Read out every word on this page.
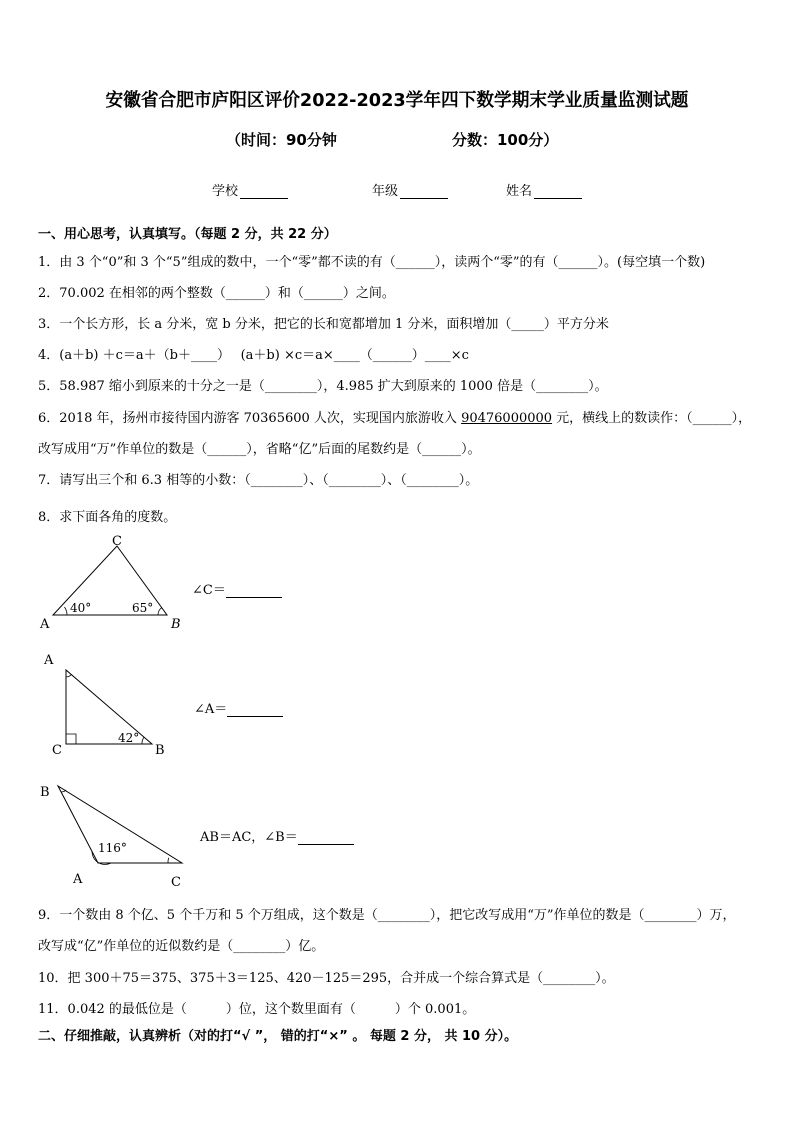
安徽省合肥市庐阳区评价2022-2023学年四下数学期末学业质量监测试题
（时间：90分钟	分数：100分）
学校	年级	姓名
一、用心思考，认真填写。（每题 2 分，共 22 分）
1．由 3 个“0”和 3 个“5”组成的数中，一个“零”都不读的有（______），读两个“零”的有（______）。(每空填一个数)
2．70.002 在相邻的两个整数（______）和（______）之间。
3．一个长方形，长 a 分米，宽 b 分米，把它的长和宽都增加 1 分米，面积增加（_____）平方分米
4．(a＋b) ＋c＝a＋（b＋____）　 (a＋b) ×c＝a×____（______）____×c
5．58.987 缩小到原来的十分之一是（________），4.985 扩大到原来的 1000 倍是（________）。
6．2018 年，扬州市接待国内游客 70365600 人次，实现国内旅游收入 90476000000 元，横线上的数读作：（______），
改写成用“万”作单位的数是（______），省略“亿”后面的尾数约是（______）。
7．请写出三个和 6.3 相等的小数：（________）、（________）、（________）。
8．求下面各角的度数。
A	B
C
40°	65°
∠C＝
A
C	B
42°
∠A＝
B
A	C
116°
AB＝AC，∠B＝
9．一个数由 8 个亿、5 个千万和 5 个万组成，这个数是（________），把它改写成用“万”作单位的数是（________）万，
改写成“亿”作单位的近似数约是（________）亿。
10．把 300＋75＝375、375＋3＝125、420－125＝295，合并成一个综合算式是（________）。
11．0.042 的最低位是（　　　）位，这个数里面有（　　　）个 0.001。
二、仔细推敲，认真辨析（对的打“√ ”， 错的打“×” 。 每题 2 分， 共 10 分）。
